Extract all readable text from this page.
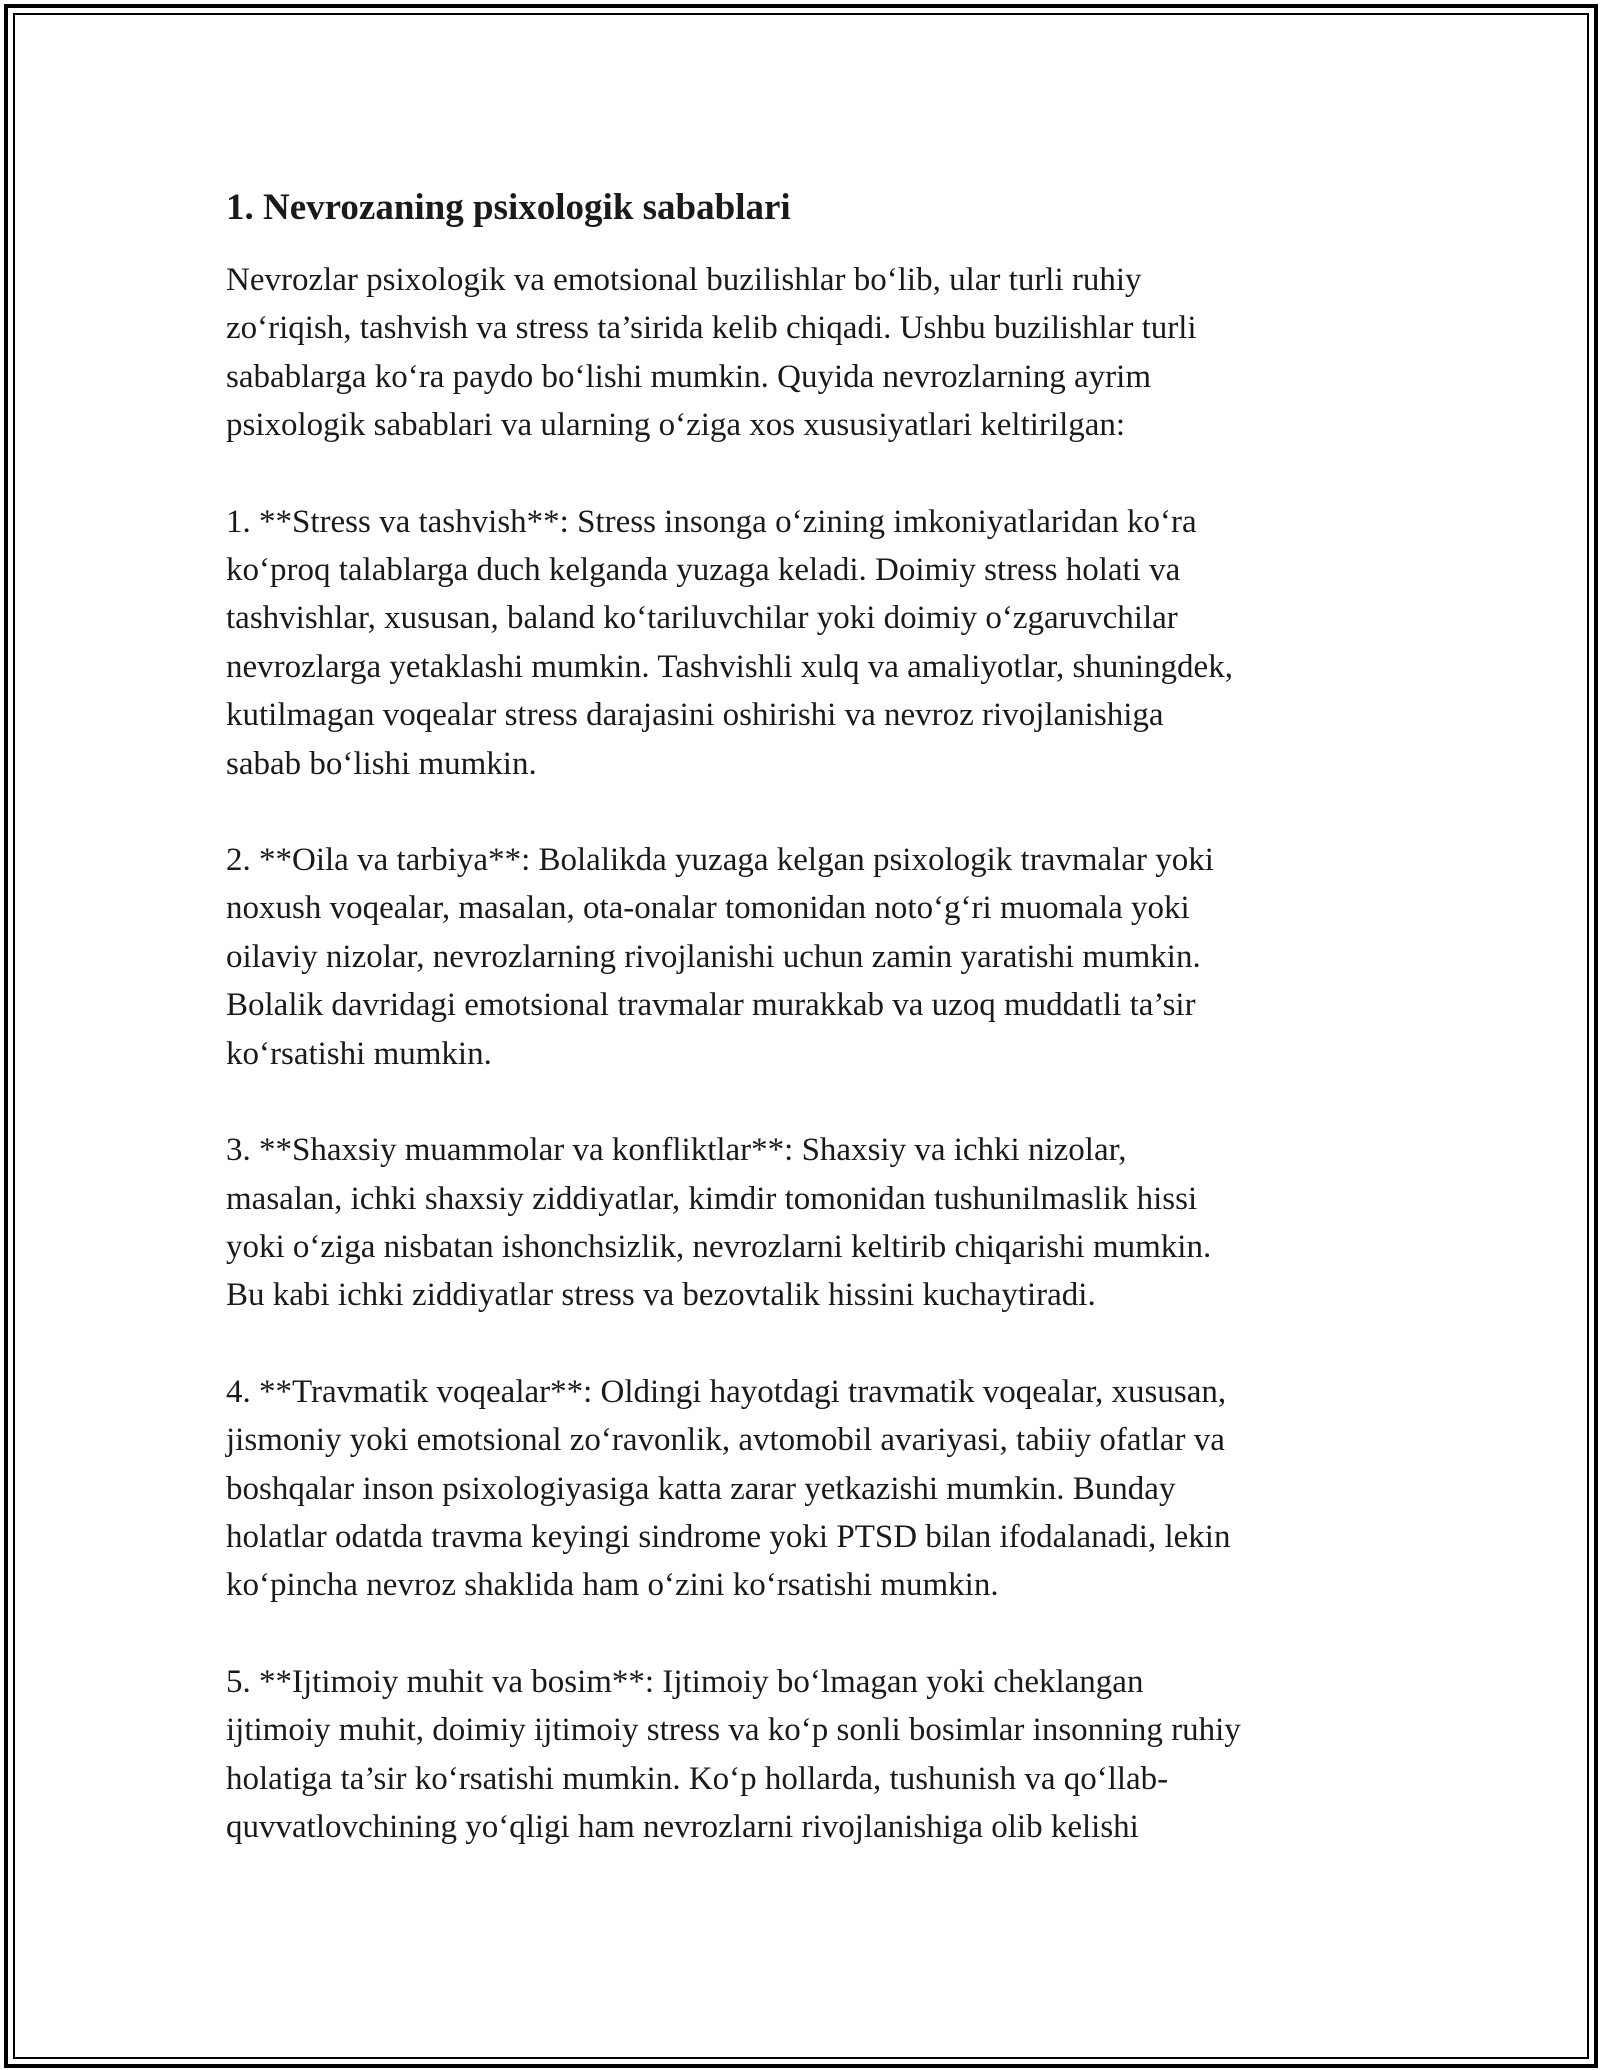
1. Nevrozaning psixologik sabablari

Nevrozlar psixologik va emotsional buzilishlar bo‘lib, ular turli ruhiy
zo‘riqish, tashvish va stress ta’sirida kelib chiqadi. Ushbu buzilishlar turli
sabablarga ko‘ra paydo bo‘lishi mumkin. Quyida nevrozlarning ayrim
psixologik sabablari va ularning o‘ziga xos xususiyatlari keltirilgan:

1. **Stress va tashvish**: Stress insonga o‘zining imkoniyatlaridan ko‘ra
ko‘proq talablarga duch kelganda yuzaga keladi. Doimiy stress holati va
tashvishlar, xususan, baland ko‘tariluvchilar yoki doimiy o‘zgaruvchilar
nevrozlarga yetaklashi mumkin. Tashvishli xulq va amaliyotlar, shuningdek,
kutilmagan voqealar stress darajasini oshirishi va nevroz rivojlanishiga
sabab bo‘lishi mumkin.

2. **Oila va tarbiya**: Bolalikda yuzaga kelgan psixologik travmalar yoki
noxush voqealar, masalan, ota-onalar tomonidan noto‘g‘ri muomala yoki
oilaviy nizolar, nevrozlarning rivojlanishi uchun zamin yaratishi mumkin.
Bolalik davridagi emotsional travmalar murakkab va uzoq muddatli ta’sir
ko‘rsatishi mumkin.

3. **Shaxsiy muammolar va konfliktlar**: Shaxsiy va ichki nizolar,
masalan, ichki shaxsiy ziddiyatlar, kimdir tomonidan tushunilmaslik hissi
yoki o‘ziga nisbatan ishonchsizlik, nevrozlarni keltirib chiqarishi mumkin.
Bu kabi ichki ziddiyatlar stress va bezovtalik hissini kuchaytiradi.

4. **Travmatik voqealar**: Oldingi hayotdagi travmatik voqealar, xususan,
jismoniy yoki emotsional zo‘ravonlik, avtomobil avariyasi, tabiiy ofatlar va
boshqalar inson psixologiyasiga katta zarar yetkazishi mumkin. Bunday
holatlar odatda travma keyingi sindrome yoki PTSD bilan ifodalanadi, lekin
ko‘pincha nevroz shaklida ham o‘zini ko‘rsatishi mumkin.

5. **Ijtimoiy muhit va bosim**: Ijtimoiy bo‘lmagan yoki cheklangan
ijtimoiy muhit, doimiy ijtimoiy stress va ko‘p sonli bosimlar insonning ruhiy
holatiga ta’sir ko‘rsatishi mumkin. Ko‘p hollarda, tushunish va qo‘llab-
quvvatlovchining yo‘qligi ham nevrozlarni rivojlanishiga olib kelishi
